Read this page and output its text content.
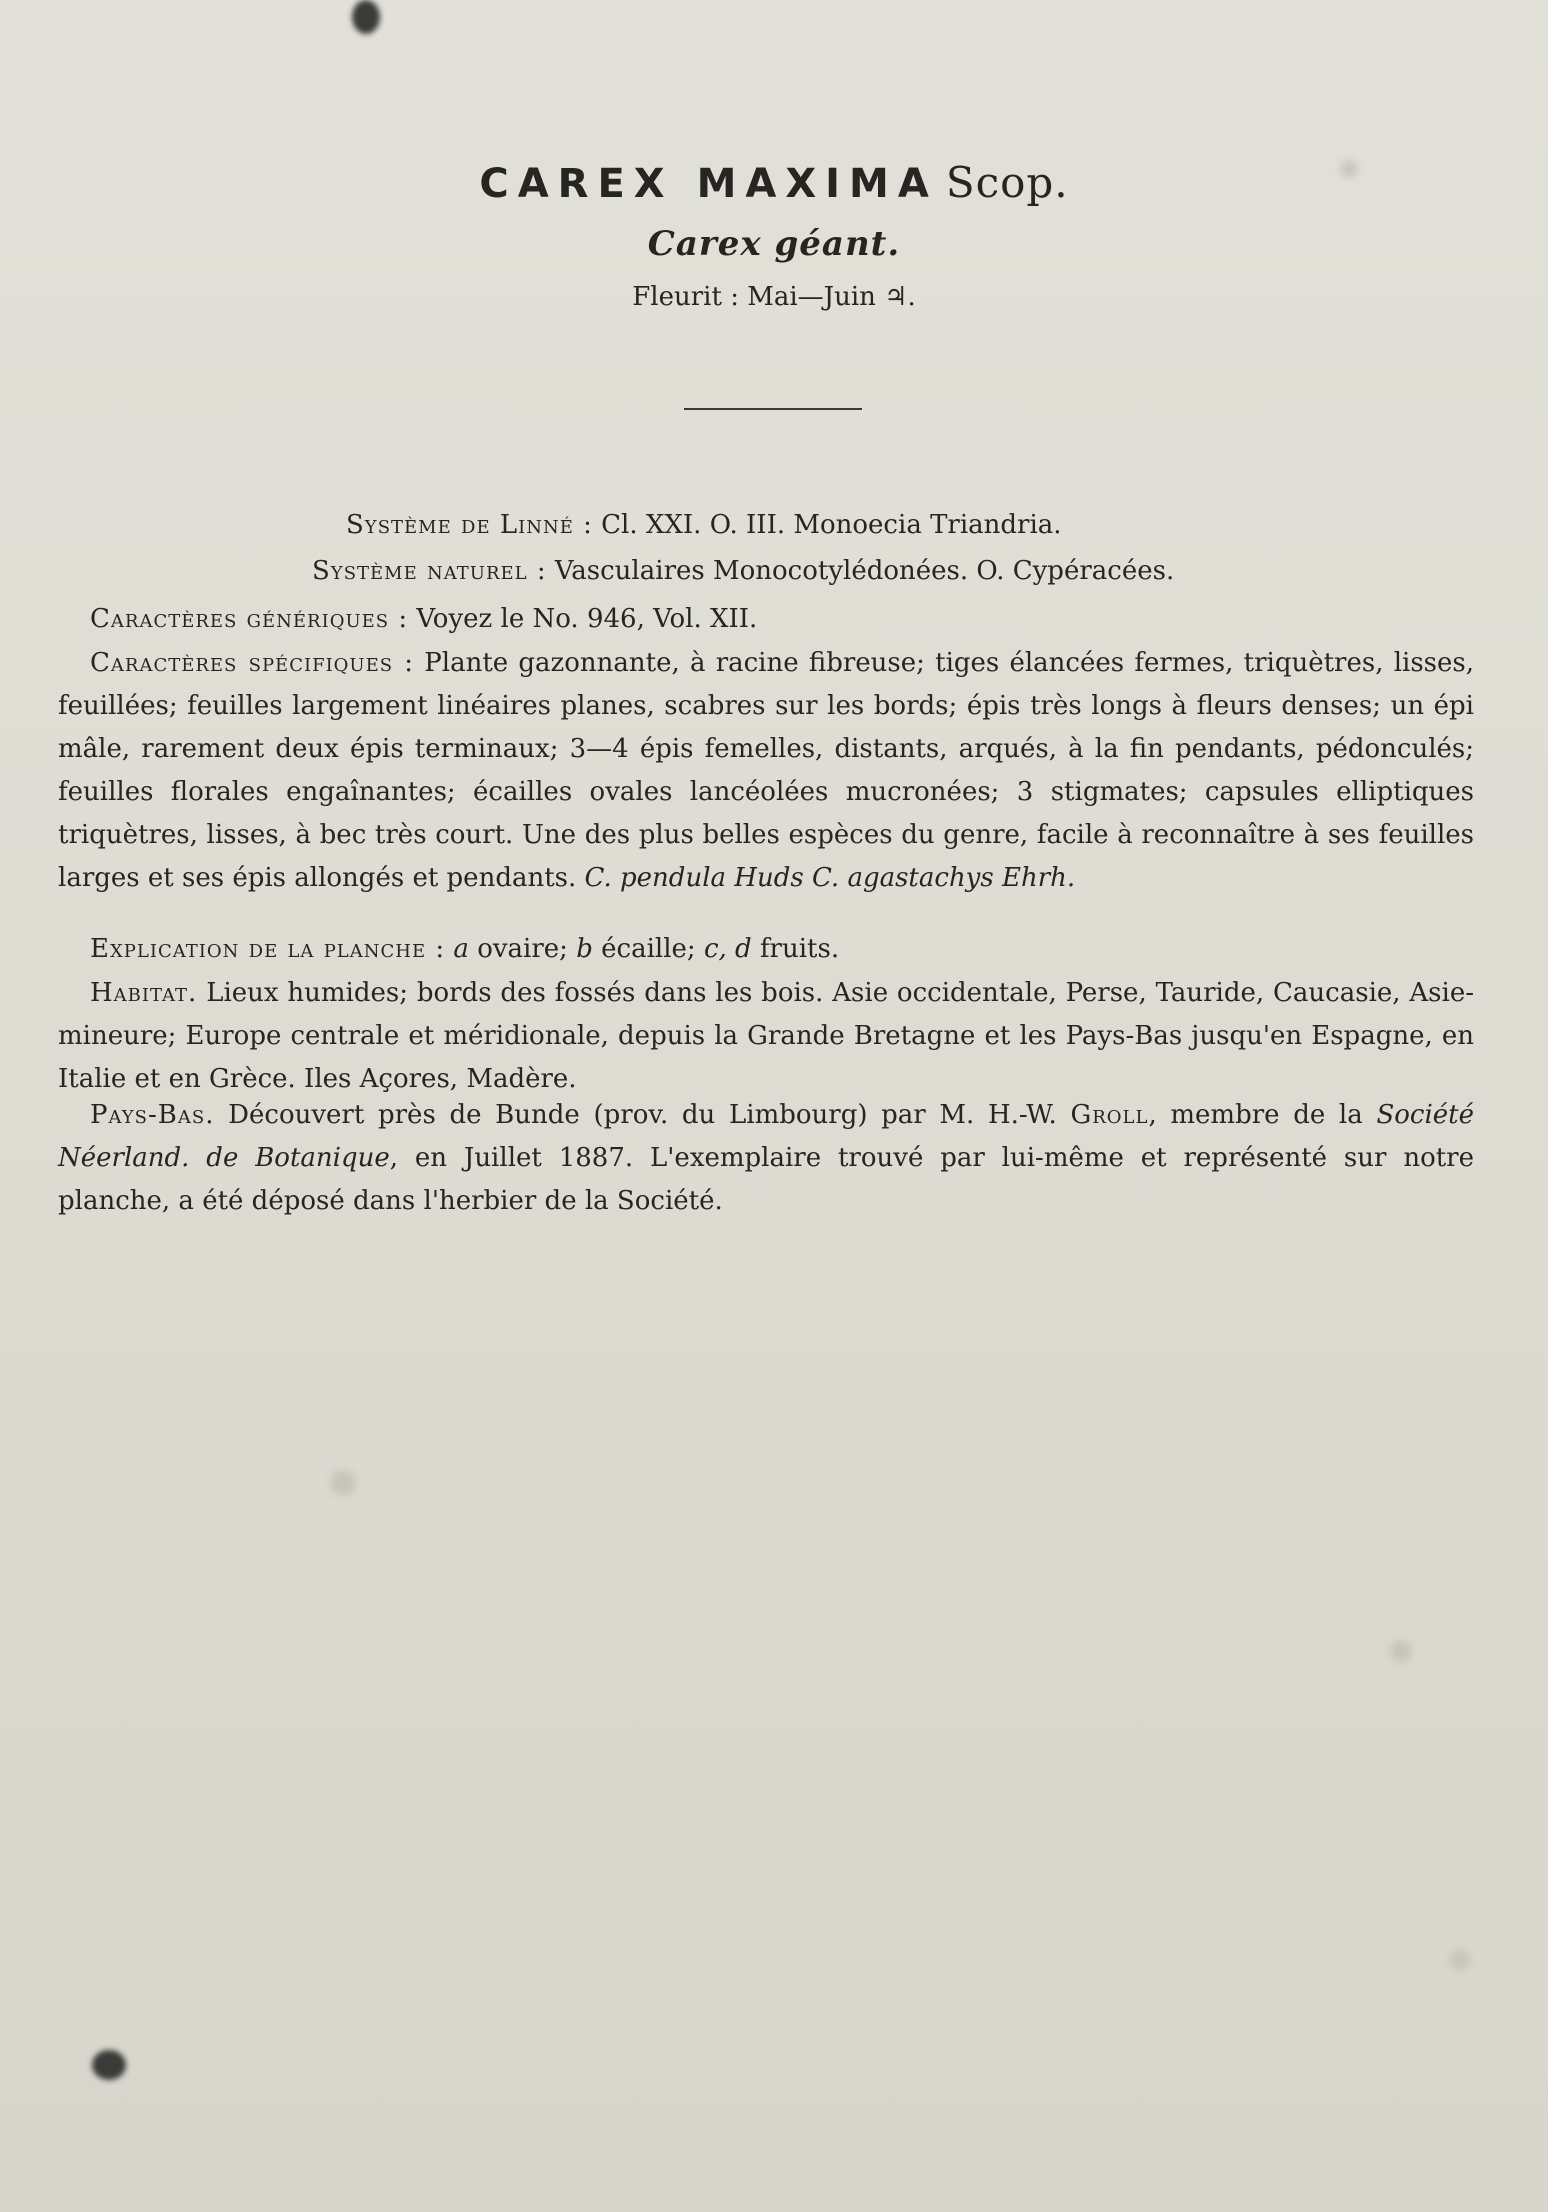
CAREX MAXIMA Scop.
Carex géant.
Fleurit : Mai—Juin ♃.
Système de Linné : Cl. XXI. O. III. Monoecia Triandria.
Système naturel : Vasculaires Monocotylédonées. O. Cypéracées.
Caractères génériques : Voyez le No. 946, Vol. XII.
Caractères spécifiques : Plante gazonnante, à racine fibreuse; tiges élancées fermes, triquètres, lisses, feuillées; feuilles largement linéaires planes, scabres sur les bords; épis très longs à fleurs denses; un épi mâle, rarement deux épis terminaux; 3—4 épis femelles, distants, arqués, à la fin pendants, pédonculés; feuilles florales engaînantes; écailles ovales lancéolées mucronées; 3 stigmates; capsules elliptiques triquètres, lisses, à bec très court. Une des plus belles espèces du genre, facile à reconnaître à ses feuilles larges et ses épis allongés et pendants. C. pendula Huds C. agastachys Ehrh.
Explication de la planche : a ovaire; b écaille; c, d fruits.
Habitat. Lieux humides; bords des fossés dans les bois. Asie occidentale, Perse, Tauride, Caucasie, Asie-mineure; Europe centrale et méridionale, depuis la Grande Bretagne et les Pays-Bas jusqu'en Espagne, en Italie et en Grèce. Iles Açores, Madère.
Pays-Bas. Découvert près de Bunde (prov. du Limbourg) par M. H.-W. Groll, membre de la Société Néerland. de Botanique, en Juillet 1887. L'exemplaire trouvé par lui-même et représenté sur notre planche, a été déposé dans l'herbier de la Société.
